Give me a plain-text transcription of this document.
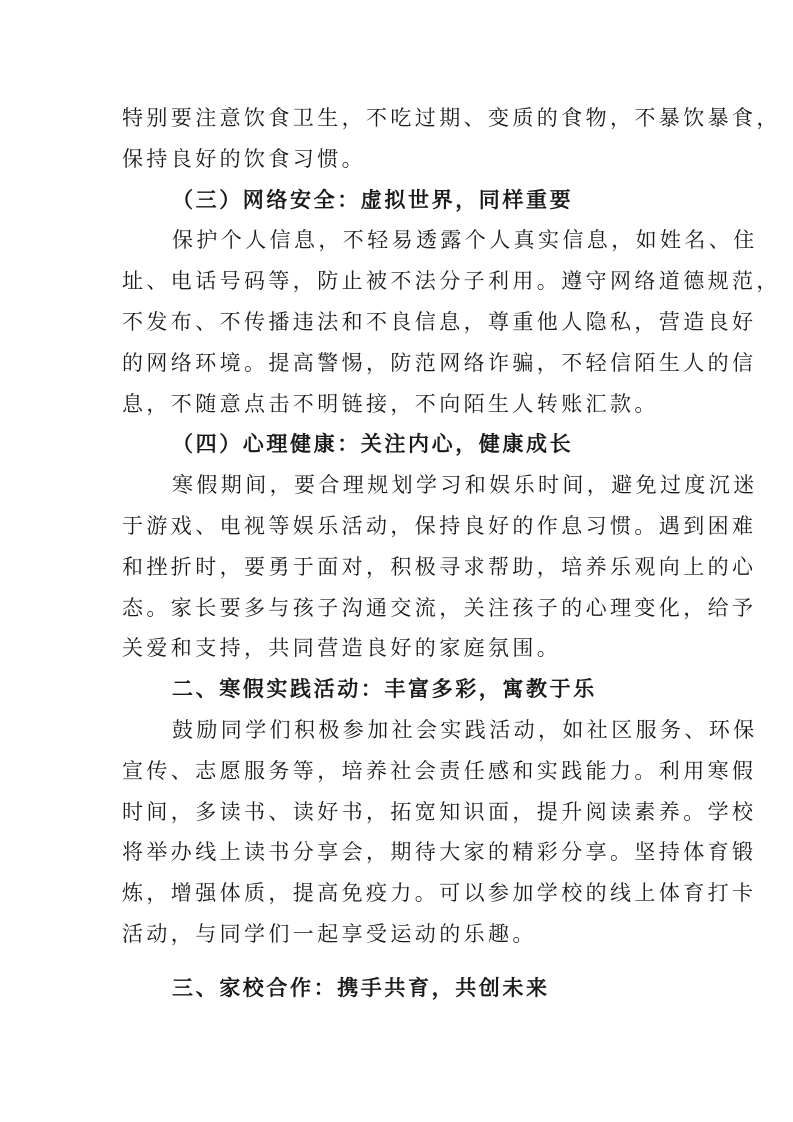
特别要注意饮食卫生，不吃过期、变质的食物，不暴饮暴食，
保持良好的饮食习惯。
（三）网络安全：虚拟世界，同样重要
保护个人信息，不轻易透露个人真实信息，如姓名、住
址、电话号码等，防止被不法分子利用。遵守网络道德规范，
不发布、不传播违法和不良信息，尊重他人隐私，营造良好
的网络环境。提高警惕，防范网络诈骗，不轻信陌生人的信
息，不随意点击不明链接，不向陌生人转账汇款。
（四）心理健康：关注内心，健康成长
寒假期间，要合理规划学习和娱乐时间，避免过度沉迷
于游戏、电视等娱乐活动，保持良好的作息习惯。遇到困难
和挫折时，要勇于面对，积极寻求帮助，培养乐观向上的心
态。家长要多与孩子沟通交流，关注孩子的心理变化，给予
关爱和支持，共同营造良好的家庭氛围。
二、寒假实践活动：丰富多彩，寓教于乐
鼓励同学们积极参加社会实践活动，如社区服务、环保
宣传、志愿服务等，培养社会责任感和实践能力。利用寒假
时间，多读书、读好书，拓宽知识面，提升阅读素养。学校
将举办线上读书分享会，期待大家的精彩分享。坚持体育锻
炼，增强体质，提高免疫力。可以参加学校的线上体育打卡
活动，与同学们一起享受运动的乐趣。
三、家校合作：携手共育，共创未来
